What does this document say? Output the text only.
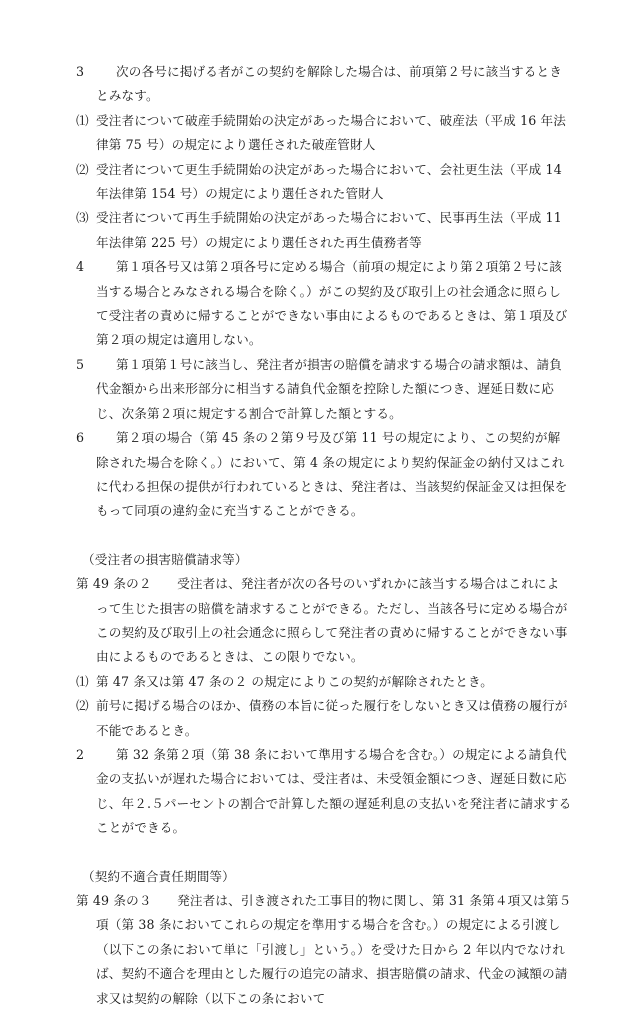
3	次の各号に掲げる者がこの契約を解除した場合は、前項第２号に該当するときとみなす。

⑴ 受注者について破産手続開始の決定があった場合において、破産法（平成 16 年法律第 75 号）の規定により選任された破産管財人

⑵ 受注者について更生手続開始の決定があった場合において、会社更生法（平成 14 年法律第 154 号）の規定により選任された管財人

⑶ 受注者について再生手続開始の決定があった場合において、民事再生法（平成 11 年法律第 225 号）の規定により選任された再生債務者等

4	第１項各号又は第２項各号に定める場合（前項の規定により第２項第２号に該当する場合とみなされる場合を除く。）がこの契約及び取引上の社会通念に照らして受注者の責めに帰することができない事由によるものであるときは、第１項及び第２項の規定は適用しない。

5	第１項第１号に該当し、発注者が損害の賠償を請求する場合の請求額は、請負代金額から出来形部分に相当する請負代金額を控除した額につき、遅延日数に応じ、次条第２項に規定する割合で計算した額とする。

6	第２項の場合（第 45 条の２第９号及び第 11 号の規定により、この契約が解除された場合を除く。）において、第 4 条の規定により契約保証金の納付又はこれに代わる担保の提供が行われているときは、発注者は、当該契約保証金又は担保をもって同項の違約金に充当することができる。

（受注者の損害賠償請求等）

第 49 条の２　　 受注者は、発注者が次の各号のいずれかに該当する場合はこれによって生じた損害の賠償を請求することができる。ただし、当該各号に定める場合がこの契約及び取引上の社会通念に照らして発注者の責めに帰することができない事由によるものであるときは、この限りでない。

⑴ 第 47 条又は第 47 条の２ の規定によりこの契約が解除されたとき。

⑵ 前号に掲げる場合のほか、債務の本旨に従った履行をしないとき又は債務の履行が不能であるとき。

2	第 32 条第２項（第 38 条において準用する場合を含む。）の規定による請負代金の支払いが遅れた場合においては、受注者は、未受領金額につき、遅延日数に応じ、年２.５パーセントの割合で計算した額の遅延利息の支払いを発注者に請求することができる。

（契約不適合責任期間等）

第 49 条の３　　 発注者は、引き渡された工事目的物に関し、第 31 条第４項又は第５項（第 38 条においてこれらの規定を準用する場合を含む。）の規定による引渡し（以下この条において単に「引渡し」という。）を受けた日から 2 年以内でなければ、契約不適合を理由とした履行の追完の請求、損害賠償の請求、代金の減額の請求又は契約の解除（以下この条において
